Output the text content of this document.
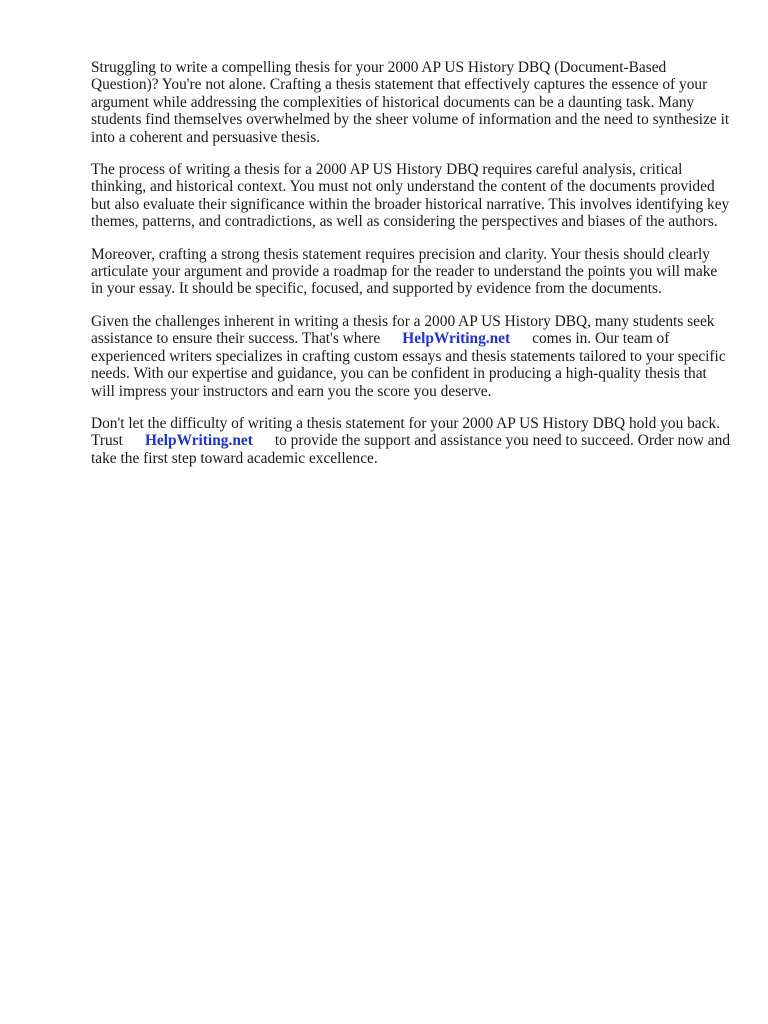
Struggling to write a compelling thesis for your 2000 AP US History DBQ (Document-Based Question)? You're not alone. Crafting a thesis statement that effectively captures the essence of your argument while addressing the complexities of historical documents can be a daunting task. Many students find themselves overwhelmed by the sheer volume of information and the need to synthesize it into a coherent and persuasive thesis.

The process of writing a thesis for a 2000 AP US History DBQ requires careful analysis, critical thinking, and historical context. You must not only understand the content of the documents provided but also evaluate their significance within the broader historical narrative. This involves identifying key themes, patterns, and contradictions, as well as considering the perspectives and biases of the authors.

Moreover, crafting a strong thesis statement requires precision and clarity. Your thesis should clearly articulate your argument and provide a roadmap for the reader to understand the points you will make in your essay. It should be specific, focused, and supported by evidence from the documents.

Given the challenges inherent in writing a thesis for a 2000 AP US History DBQ, many students seek assistance to ensure their success. That's where HelpWriting.net comes in. Our team of experienced writers specializes in crafting custom essays and thesis statements tailored to your specific needs. With our expertise and guidance, you can be confident in producing a high-quality thesis that will impress your instructors and earn you the score you deserve.

Don't let the difficulty of writing a thesis statement for your 2000 AP US History DBQ hold you back. Trust HelpWriting.net to provide the support and assistance you need to succeed. Order now and take the first step toward academic excellence.
